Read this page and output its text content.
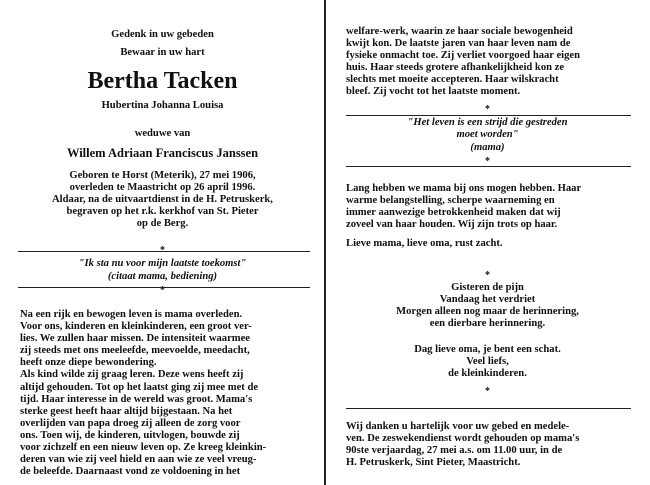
Gedenk in uw gebeden
Bewaar in uw hart
Bertha Tacken
Hubertina Johanna Louisa
weduwe van
Willem Adriaan Franciscus Janssen
Geboren te Horst (Meterik), 27 mei 1906,
overleden te Maastricht op 26 april 1996.
Aldaar, na de uitvaartdienst in de H. Petruskerk,
begraven op het r.k. kerkhof van St. Pieter
op de Berg.
*
"Ik sta nu voor mijn laatste toekomst"
(citaat mama, bediening)
*
Na een rijk en bewogen leven is mama overleden.
Voor ons, kinderen en kleinkinderen, een groot ver-
lies. We zullen haar missen. De intensiteit waarmee
zij steeds met ons meeleefde, meevoelde, meedacht,
heeft onze diepe bewondering.
Als kind wilde zij graag leren. Deze wens heeft zij
altijd gehouden. Tot op het laatst ging zij mee met de
tijd. Haar interesse in de wereld was groot. Mama's
sterke geest heeft haar altijd bijgestaan. Na het
overlijden van papa droeg zij alleen de zorg voor
ons. Toen wij, de kinderen, uitvlogen, bouwde zij
voor zichzelf en een nieuw leven op. Ze kreeg kleinkin-
deren van wie zij veel hield en aan wie ze veel vreug-
de beleefde. Daarnaast vond ze voldoening in het
welfare-werk, waarin ze haar sociale bewogenheid
kwijt kon. De laatste jaren van haar leven nam de
fysieke onmacht toe. Zij verliet voorgoed haar eigen
huis. Haar steeds grotere afhankelijkheid kon ze
slechts met moeite accepteren. Haar wilskracht
bleef. Zij vocht tot het laatste moment.
*
"Het leven is een strijd die gestreden
moet worden"
(mama)
*
Lang hebben we mama bij ons mogen hebben. Haar
warme belangstelling, scherpe waarneming en
immer aanwezige betrokkenheid maken dat wij
zoveel van haar houden. Wij zijn trots op haar.
Lieve mama, lieve oma, rust zacht.
*
Gisteren de pijn
Vandaag het verdriet
Morgen alleen nog maar de herinnering,
een dierbare herinnering.
Dag lieve oma, je bent een schat.
Veel liefs,
de kleinkinderen.
*
Wij danken u hartelijk voor uw gebed en medele-
ven. De zeswekendienst wordt gehouden op mama's
90ste verjaardag, 27 mei a.s. om 11.00 uur, in de
H. Petruskerk, Sint Pieter, Maastricht.
